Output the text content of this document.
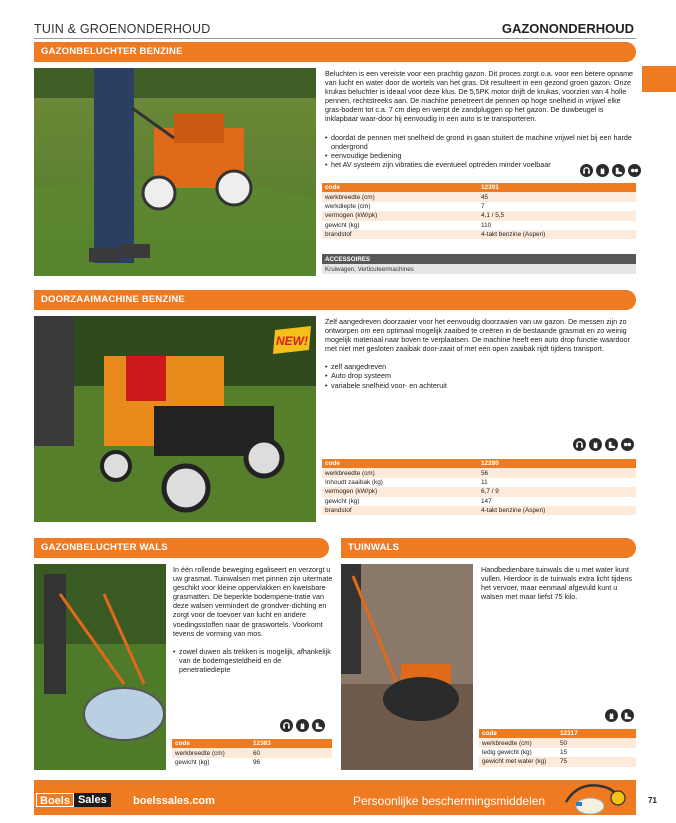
TUIN & GROENONDERHOUD	GAZONONDERHOUD
GAZONBELUCHTER BENZINE

Beluchten is een vereiste voor een prachtig gazon. Dit proces zorgt o.a. voor een betere opname van lucht en water door de wortels van het gras. Dit resulteert in een gezond groen gazon. Onze krukas beluchter is ideaal voor deze klus. De 5,5PK motor drijft de krukas, voorzien van 4 holle pennen, rechtstreeks aan. De machine penetreert de pennen op hoge snelheid in vrijwel elke gras-bodem tot c.a. 7 cm diep en werpt de zandpluggen op het gazon. De duwbeugel is inklapbaar waar-door hij eenvoudig in een auto is te transporteren.

• doordat de pennen met snelheid de grond in gaan stuitert de machine vrijwel niet bij een harde ondergrond
• eenvoudige bediening
• het AV systeem zijn vibraties die eventueel optreden minder voelbaar
code	12391
werkbreedte (cm)	45
werkdiepte (cm)	7
vermogen (kW/pk)	4,1 / 5,5
gewicht (kg)	110
brandstof	4-takt benzine (Aspen)
ACCESSOIRES
Kruiwagen, Verticuteermachines
DOORZAAIMACHINE BENZINE
NEW!

Zelf aangedreven doorzaaier voor het eenvoudig doorzaaien van uw gazon. De messen zijn zo ontworpen om een optimaal mogelijk zaaibed te creëren in de bestaande grasmat en zo weinig mogelijk materiaal naar boven te verplaatsen. De machine heeft een auto drop functie waardoor met niet met gesloten zaaibak door-zaait of met een open zaaibak rijdt tijdens transport.

• zelf aangedreven
• Auto drop systeem
• variabele snelheid voor- en achteruit
code	12280
werkbreedte (cm)	56
Inhoudt zaaibak (kg)	11
vermogen (kW/pk)	6,7 / 9
gewicht (kg)	147
brandstof	4-takt benzine (Aspen)
GAZONBELUCHTER WALS

In één rollende beweging egaliseert en verzorgt u uw grasmat. Tuinwalsen met pinnen zijn uitermate geschikt voor kleine oppervlakken en kwetsbare grasmatten. De beperkte bodempene-tratie van deze walsen vermindert de grondver-dichting en zorgt voor de toevoer van lucht en andere voedingsstoffen naar de graswortels. Voorkomt tevens de vorming van mos.

• zowel duwen als trekken is mogelijk, afhankelijk van de bodemgesteldheid en de penetratiediepte
code	12383
werkbreedte (cm)	60
gewicht (kg)	96
TUINWALS

Handbedienbare tuinwals die u met water kunt vullen. Hierdoor is de tuinwals extra licht tijdens het vervoer, maar eenmaal afgevuld kunt u walsen met maar liefst 75 kilo.

code	12317
werkbreedte (cm)	50
ledig gewicht (kg)	15
gewicht met water (kg)	75
Boels Sales	boelssales.com	Persoonlijke beschermingsmiddelen	71
